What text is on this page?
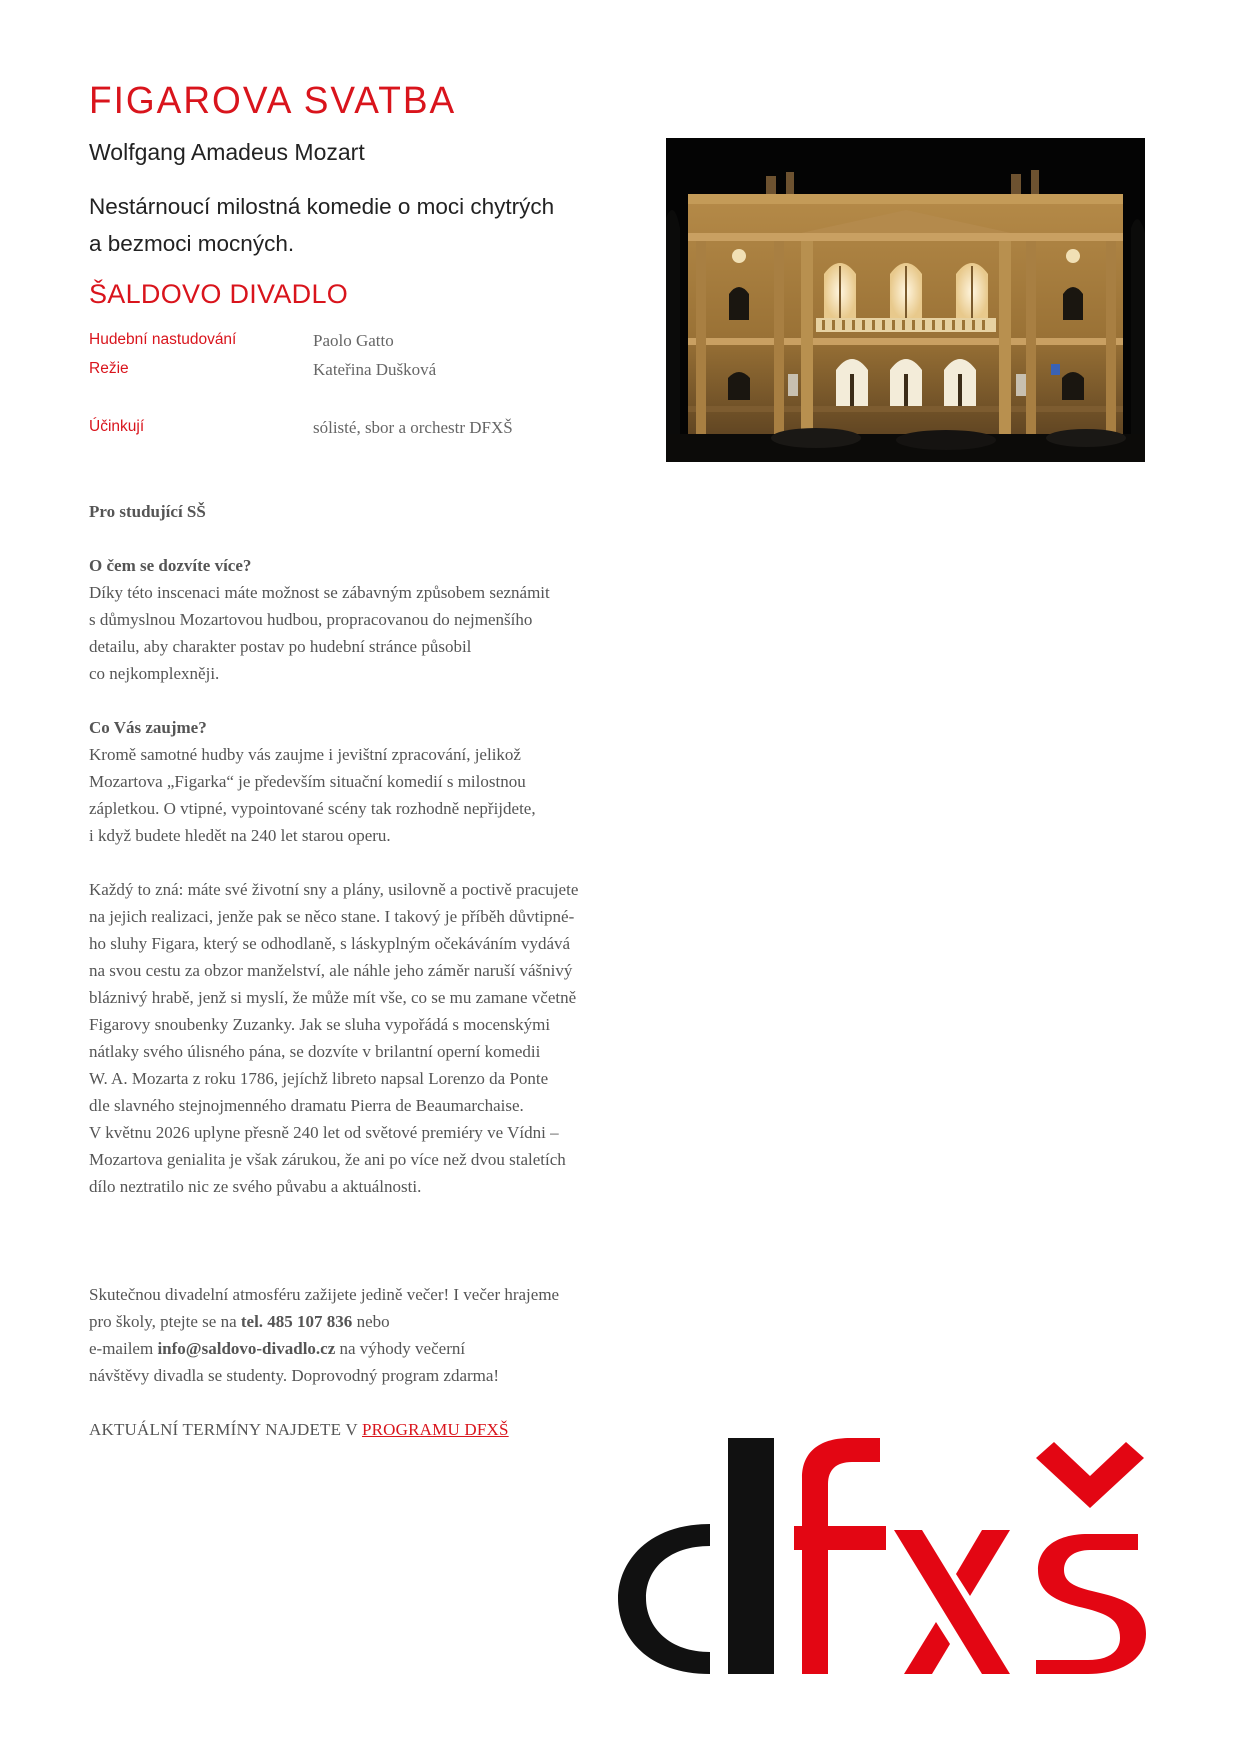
FIGAROVA SVATBA
Wolfgang Amadeus Mozart
Nestárnoucí milostná komedie o moci chytrých
a bezmoci mocných.
ŠALDOVO DIVADLO
Hudební nastudování	Paolo Gatto
Režie	Kateřina Dušková
Účinkují	sólisté, sbor a orchestr DFXŠ

Pro studující SŠ

O čem se dozvíte více?

Díky této inscenaci máte možnost se zábavným způsobem seznámit

s důmyslnou Mozartovou hudbou, propracovanou do nejmenšího

detailu, aby charakter postav po hudební stránce působil

co nejkomplexněji.

Co Vás zaujme?

Kromě samotné hudby vás zaujme i jevištní zpracování, jelikož

Mozartova „Figarka“ je především situační komedií s milostnou

zápletkou. O vtipné, vypointované scény tak rozhodně nepřijdete,

i když budete hledět na 240 let starou operu.

Každý to zná: máte své životní sny a plány, usilovně a poctivě pracujete

na jejich realizaci, jenže pak se něco stane. I takový je příběh důvtipné-

ho sluhy Figara, který se odhodlaně, s láskyplným očekáváním vydává

na svou cestu za obzor manželství, ale náhle jeho záměr naruší vášnivý

bláznivý hrabě, jenž si myslí, že může mít vše, co se mu zamane včetně

Figarovy snoubenky Zuzanky. Jak se sluha vypořádá s mocenskými

nátlaky svého úlisného pána, se dozvíte v brilantní operní komedii

W. A. Mozarta z roku 1786, jejíchž libreto napsal Lorenzo da Ponte

dle slavného stejnojmenného dramatu Pierra de Beaumarchaise.

V květnu 2026 uplyne přesně 240 let od světové premiéry ve Vídni –

Mozartova genialita je však zárukou, že ani po více než dvou staletích

dílo neztratilo nic ze svého půvabu a aktuálnosti.

Skutečnou divadelní atmosféru zažijete jedině večer! I večer hrajeme

pro školy, ptejte se na tel. 485 107 836 nebo

e-mailem info@saldovo-divadlo.cz na výhody večerní

návštěvy divadla se studenty. Doprovodný program zdarma!

AKTUÁLNÍ TERMÍNY NAJDETE V PROGRAMU DFXŠ
